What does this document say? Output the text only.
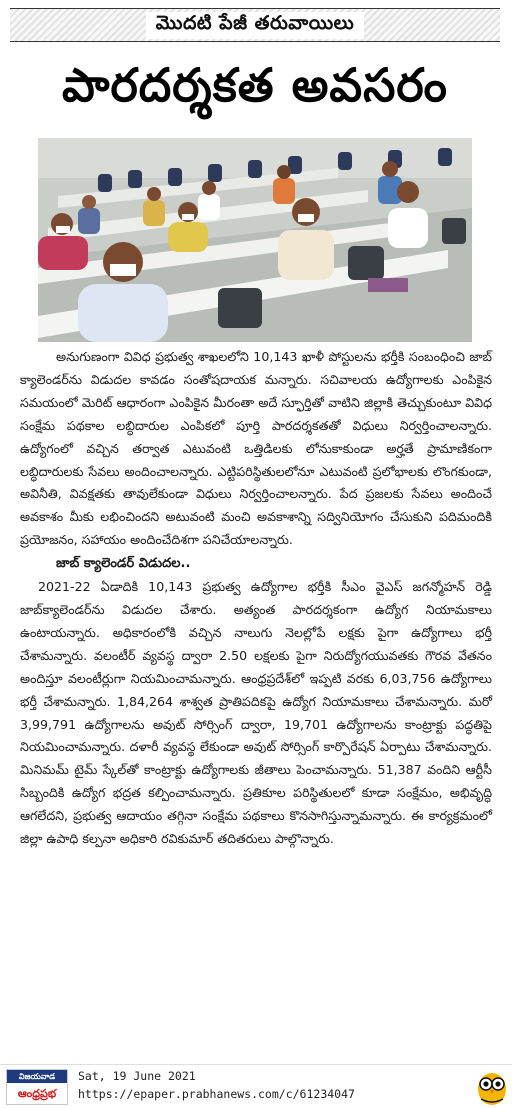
మొదటి పేజీ తరువాయిలు
పారదర్శకత అవసరం

అనుగుణంగా వివిధ ప్రభుత్వ శాఖలలోని 10,143 ఖాళీ పోస్టులను భర్తీకి సంబంధించి జాబ్ క్యాలెండర్‌ను విడుదల కావడం సంతోషదాయక మన్నారు. సచివాలయ ఉద్యోగాలకు ఎంపికైన సమయంలో మెరిట్ ఆధారంగా ఎంపికైన మీరంతా అదే స్ఫూర్తితో వాటిని జిల్లాకి తెచ్చుకుంటూ వివిధ సంక్షేమ పథకాల లబ్ధిదారుల ఎంపికలో పూర్తి పారదర్శకతతో విధులు నిర్వర్తించాలన్నారు. ఉద్యోగంలో వచ్చిన తర్వాత ఎటువంటి ఒత్తిడిలకు లోనుకాకుండా అర్హతే ప్రామాణికంగా లబ్ధిదారులకు సేవలు అందించాలన్నారు. ఎట్టిపరిస్థితులలోనూ ఎటువంటి ప్రలోభాలకు లొంగకుండా, అవినీతి, వివక్షతకు తావులేకుండా విధులు నిర్వర్తించాలన్నారు. పేద ప్రజలకు సేవలు అందించే అవకాశం మీకు లభించిందని అటువంటి మంచి అవకాశాన్ని సద్వినియోగం చేసుకుని పదిమందికి ప్రయోజనం, సహాయం అందించేదిశగా పనిచేయాలన్నారు.

జాబ్ క్యాలెండర్ విడుదల..

2021-22 ఏడాదికి 10,143 ప్రభుత్వ ఉద్యోగాల భర్తీకి సీఎం వైఎస్ జగన్మోహన్ రెడ్డి జాబ్‌క్యాలెండర్‌ను విడుదల చేశారు. అత్యంత పారదర్శకంగా ఉద్యోగ నియామకాలు ఉంటాయన్నారు. అధికారంలోకి వచ్చిన నాలుగు నెలల్లోపే లక్షకు పైగా ఉద్యోగాలు భర్తీ చేశామన్నారు. వలంటీర్ వ్యవస్థ ద్వారా 2.50 లక్షలకు పైగా నిరుద్యోగయువతకు గౌరవ వేతనం అందిస్తూ వలంటీర్లుగా నియమించామన్నారు. ఆంధ్రప్రదేశ్‌లో ఇప్పటి వరకు 6,03,756 ఉద్యోగాలు భర్తీ చేశామన్నారు. 1,84,264 శాశ్వత ప్రాతిపదికపై ఉద్యోగ నియామకాలు చేశామన్నారు. మరో 3,99,791 ఉద్యోగాలను అవుట్ సోర్సింగ్ ద్వారా, 19,701 ఉద్యోగాలను కాంట్రాక్టు పద్ధతిపై నియమించామన్నారు. దళారీ వ్యవస్థ లేకుండా అవుట్ సోర్సింగ్ కార్పొరేషన్ ఏర్పాటు చేశామన్నారు. మినిమమ్ టైమ్ స్కేల్‌తో కాంట్రాక్టు ఉద్యోగాలకు జీతాలు పెంచామన్నారు. 51,387 వందిని ఆర్టీసీ సిబ్బందికి ఉద్యోగ భద్రత కల్పించామన్నారు. ప్రతికూల పరిస్థితులలో కూడా సంక్షేమం, అభివృద్ధి ఆగలేదని, ప్రభుత్వ ఆదాయం తగ్గినా సంక్షేమ పథకాలు కొనసాగిస్తున్నామన్నారు. ఈ కార్యక్రమంలో జిల్లా ఉపాధి కల్పనా అధికారి రవికుమార్ తదితరులు పాల్గొన్నారు.

విజయవాడ
ఆంధ్రప్రభ
Sat, 19 June 2021
https://epaper.prabhanews.com/c/61234047
